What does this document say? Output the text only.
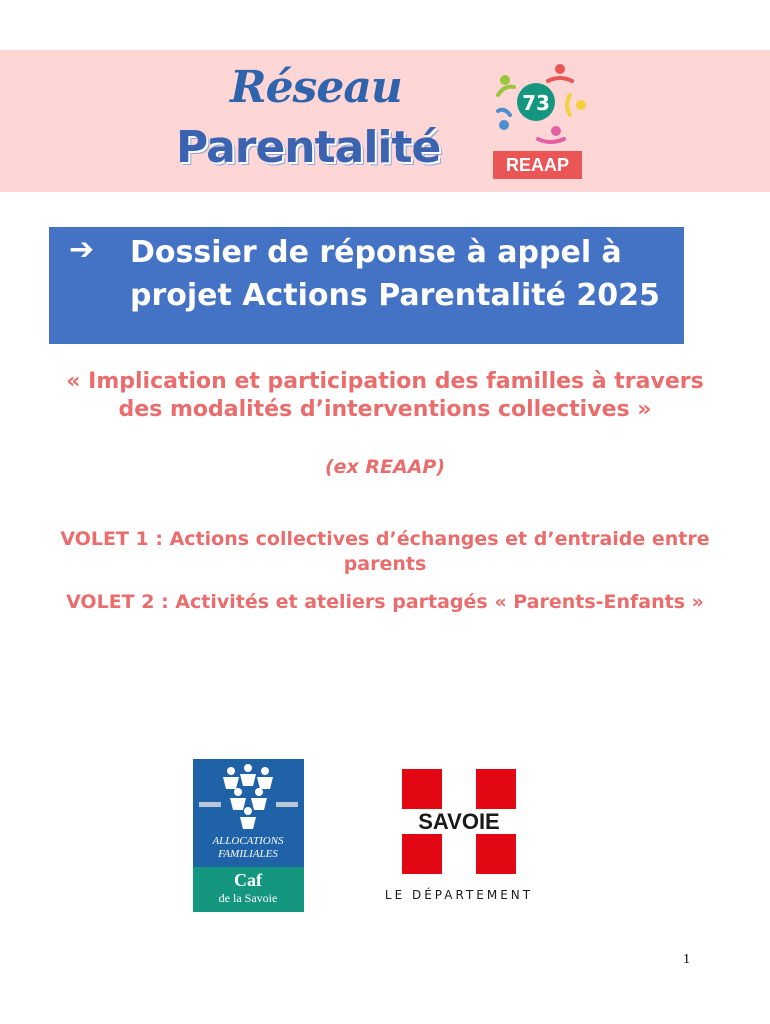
Réseau
Parentalité
73
REAAP
➔ Dossier de réponse à appel à projet Actions Parentalité 2025
« Implication et participation des familles à travers des modalités d’interventions collectives »
(ex REAAP)
VOLET 1 : Actions collectives d’échanges et d’entraide entre parents
VOLET 2 : Activités et ateliers partagés « Parents-Enfants »
ALLOCATIONS
FAMILIALES
Caf
de la Savoie
SAVOIE
LE DÉPARTEMENT
1
